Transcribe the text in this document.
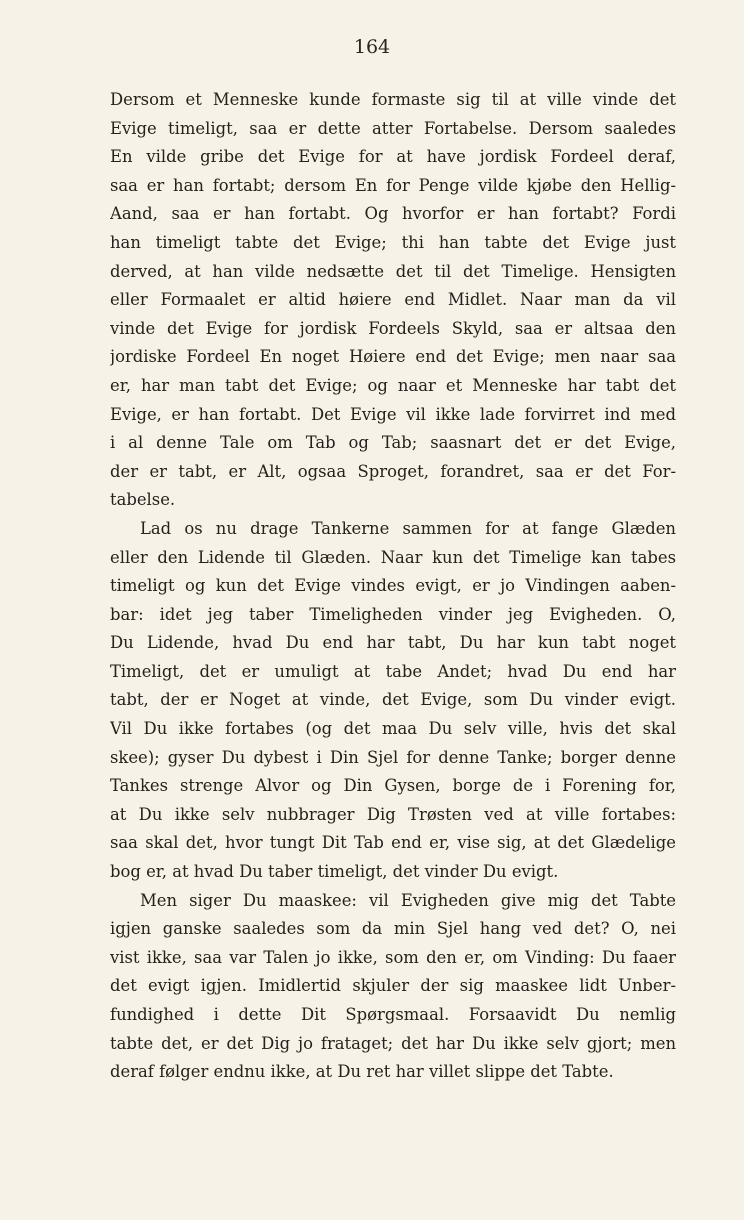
164
Dersom et Menneske kunde formaste sig til at ville vinde det
Evige timeligt, saa er dette atter Fortabelse. Dersom saaledes
En vilde gribe det Evige for at have jordisk Fordeel deraf,
saa er han fortabt; dersom En for Penge vilde kjøbe den Hellig-
Aand, saa er han fortabt. Og hvorfor er han fortabt? Fordi
han timeligt tabte det Evige; thi han tabte det Evige just
derved, at han vilde nedsætte det til det Timelige. Hensigten
eller Formaalet er altid høiere end Midlet. Naar man da vil
vinde det Evige for jordisk Fordeels Skyld, saa er altsaa den
jordiske Fordeel En noget Høiere end det Evige; men naar saa
er, har man tabt det Evige; og naar et Menneske har tabt det
Evige, er han fortabt. Det Evige vil ikke lade forvirret ind med
i al denne Tale om Tab og Tab; saasnart det er det Evige,
der er tabt, er Alt, ogsaa Sproget, forandret, saa er det For-
tabelse.
Lad os nu drage Tankerne sammen for at fange Glæden
eller den Lidende til Glæden. Naar kun det Timelige kan tabes
timeligt og kun det Evige vindes evigt, er jo Vindingen aaben-
bar: idet jeg taber Timeligheden vinder jeg Evigheden. O,
Du Lidende, hvad Du end har tabt, Du har kun tabt noget
Timeligt, det er umuligt at tabe Andet; hvad Du end har
tabt, der er Noget at vinde, det Evige, som Du vinder evigt.
Vil Du ikke fortabes (og det maa Du selv ville, hvis det skal
skee); gyser Du dybest i Din Sjel for denne Tanke; borger denne
Tankes strenge Alvor og Din Gysen, borge de i Forening for,
at Du ikke selv nubbrager Dig Trøsten ved at ville fortabes:
saa skal det, hvor tungt Dit Tab end er, vise sig, at det Glædelige
bog er, at hvad Du taber timeligt, det vinder Du evigt.
Men siger Du maaskee: vil Evigheden give mig det Tabte
igjen ganske saaledes som da min Sjel hang ved det? O, nei
vist ikke, saa var Talen jo ikke, som den er, om Vinding: Du faaer
det evigt igjen. Imidlertid skjuler der sig maaskee lidt Unber-
fundighed i dette Dit Spørgsmaal. Forsaavidt Du nemlig
tabte det, er det Dig jo frataget; det har Du ikke selv gjort; men
deraf følger endnu ikke, at Du ret har villet slippe det Tabte.
